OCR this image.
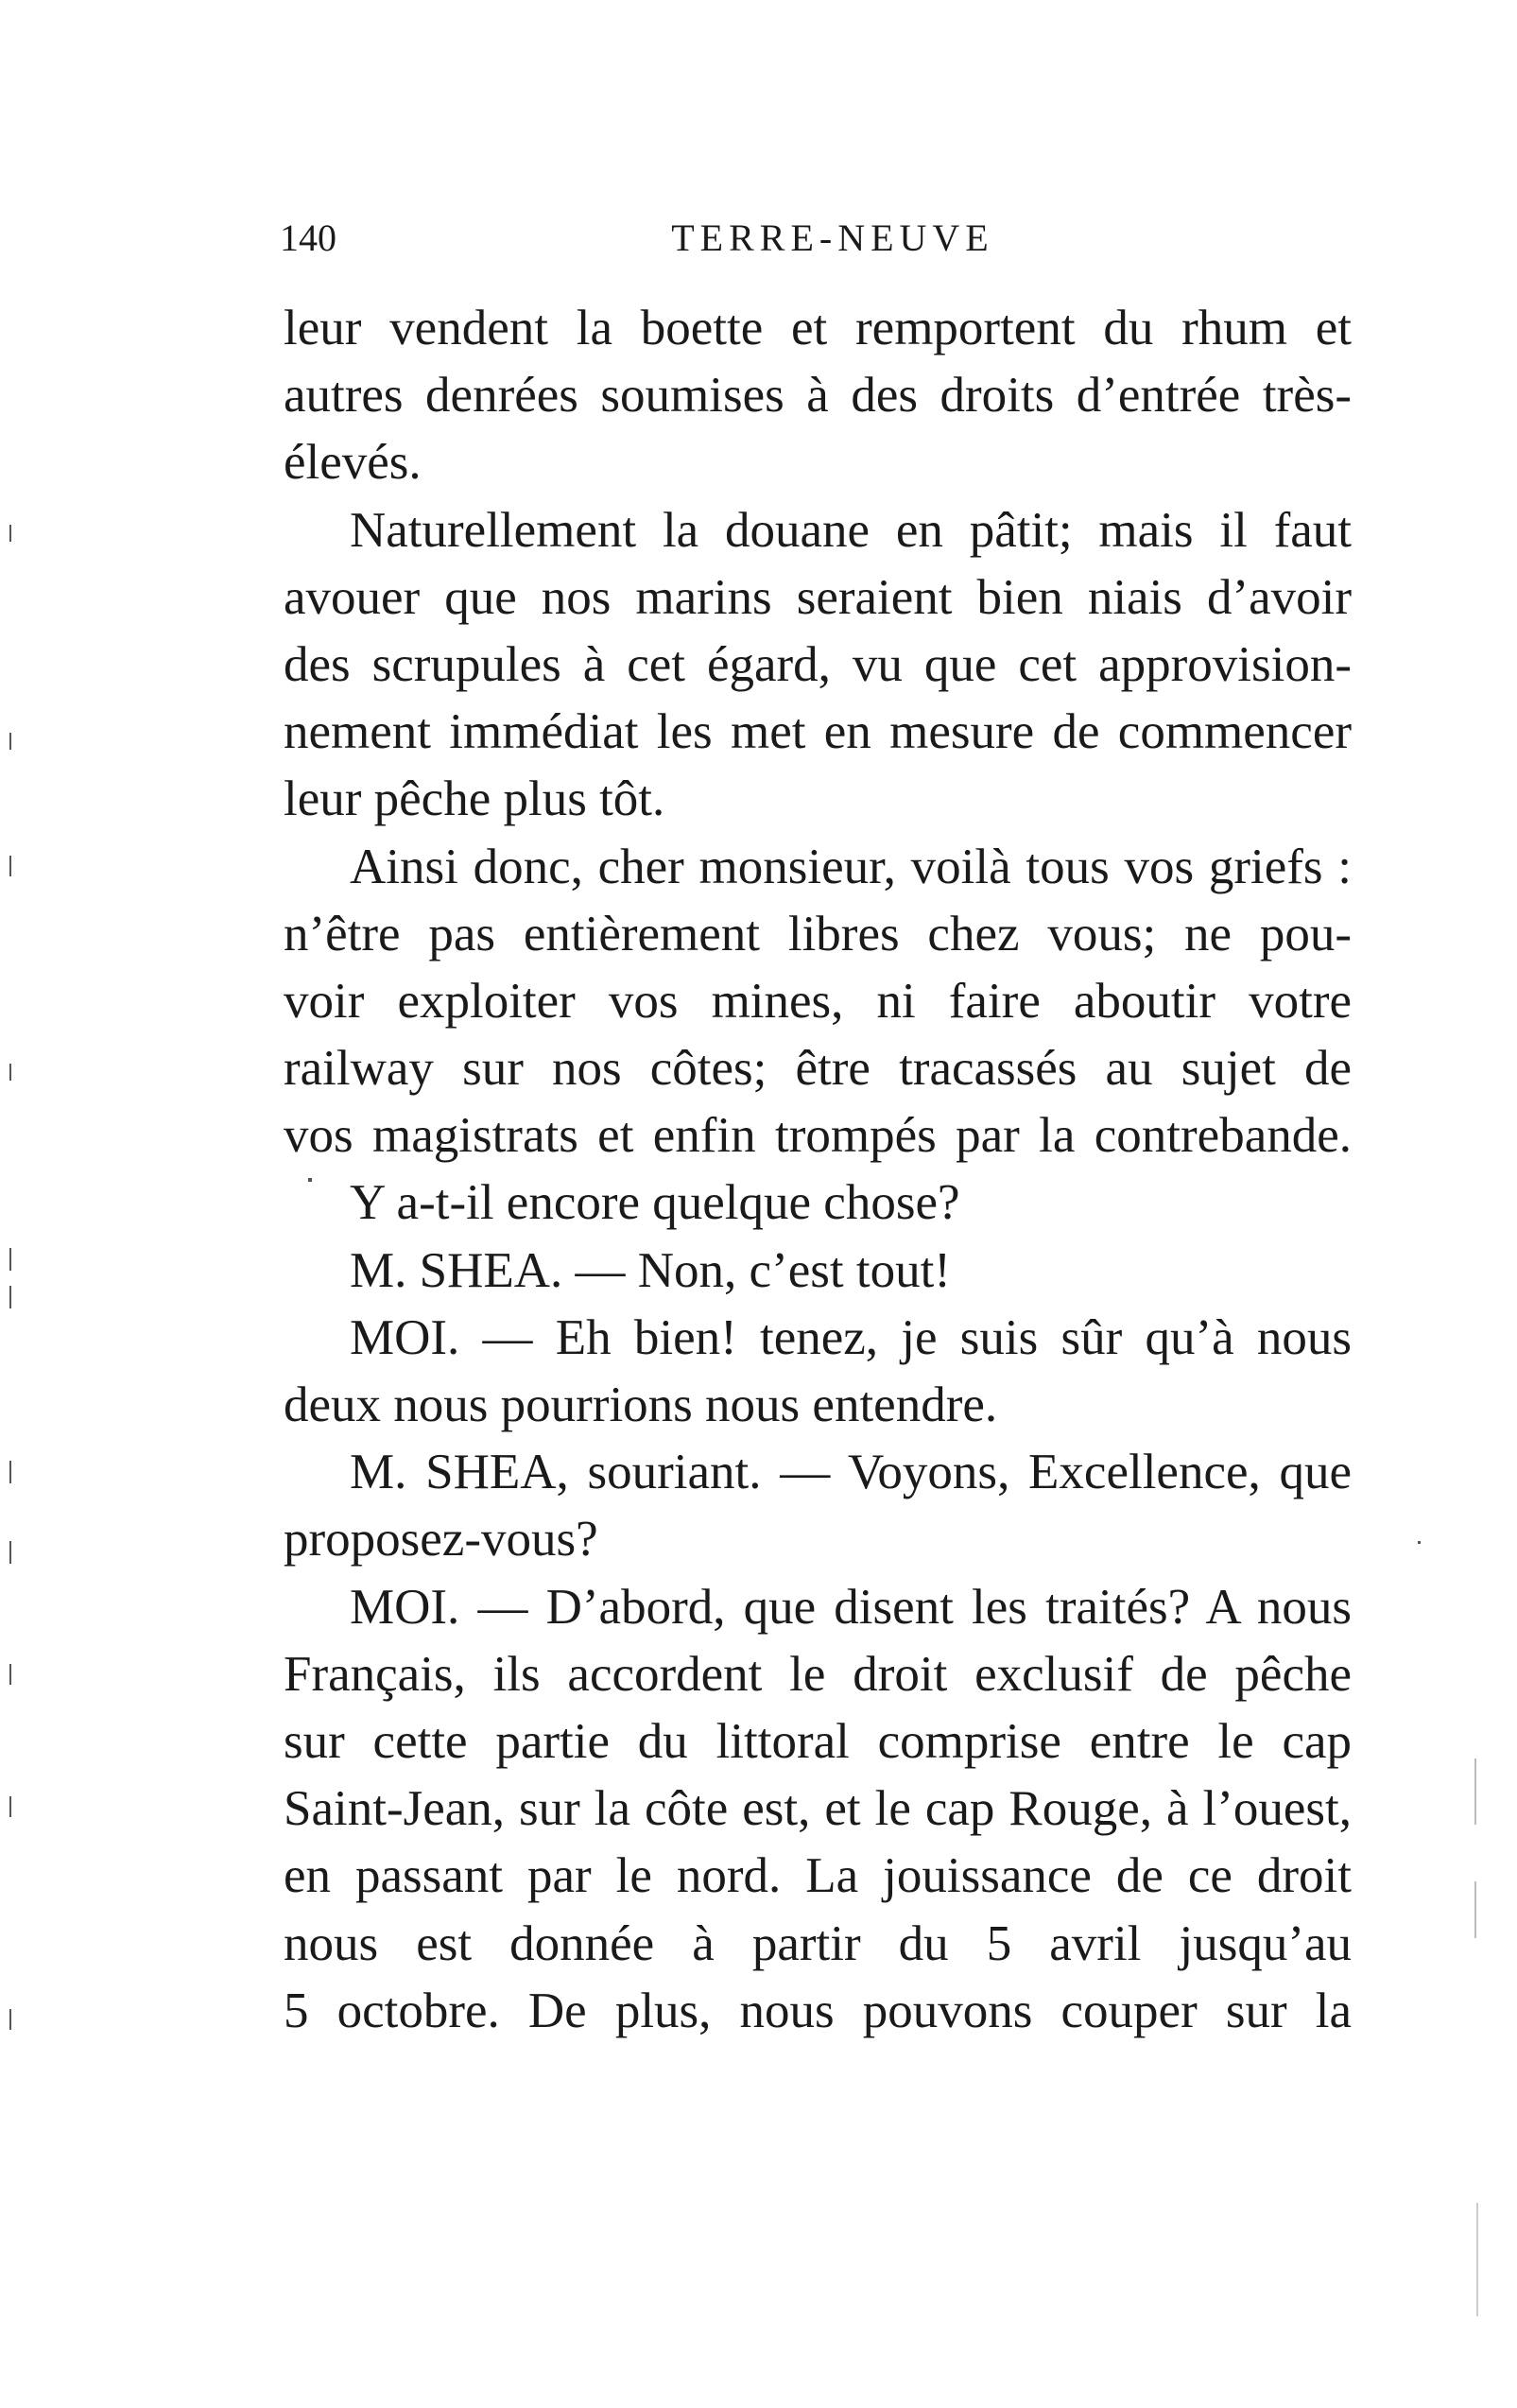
140	TERRE-NEUVE
leur vendent la boette et remportent du rhum et
autres denrées soumises à des droits d’entrée très-
élevés.
Naturellement la douane en pâtit; mais il faut
avouer que nos marins seraient bien niais d’avoir
des scrupules à cet égard, vu que cet approvision-
nement immédiat les met en mesure de commencer
leur pêche plus tôt.
Ainsi donc, cher monsieur, voilà tous vos griefs :
n’être pas entièrement libres chez vous; ne pou-
voir exploiter vos mines, ni faire aboutir votre
railway sur nos côtes; être tracassés au sujet de
vos magistrats et enfin trompés par la contrebande.
Y a-t-il encore quelque chose?
M. SHEA. — Non, c’est tout!
MOI. — Eh bien! tenez, je suis sûr qu’à nous
deux nous pourrions nous entendre.
M. SHEA, souriant. — Voyons, Excellence, que
proposez-vous?
MOI. — D’abord, que disent les traités? A nous
Français, ils accordent le droit exclusif de pêche
sur cette partie du littoral comprise entre le cap
Saint-Jean, sur la côte est, et le cap Rouge, à l’ouest,
en passant par le nord. La jouissance de ce droit
nous est donnée à partir du 5 avril jusqu’au
5 octobre. De plus, nous pouvons couper sur la
